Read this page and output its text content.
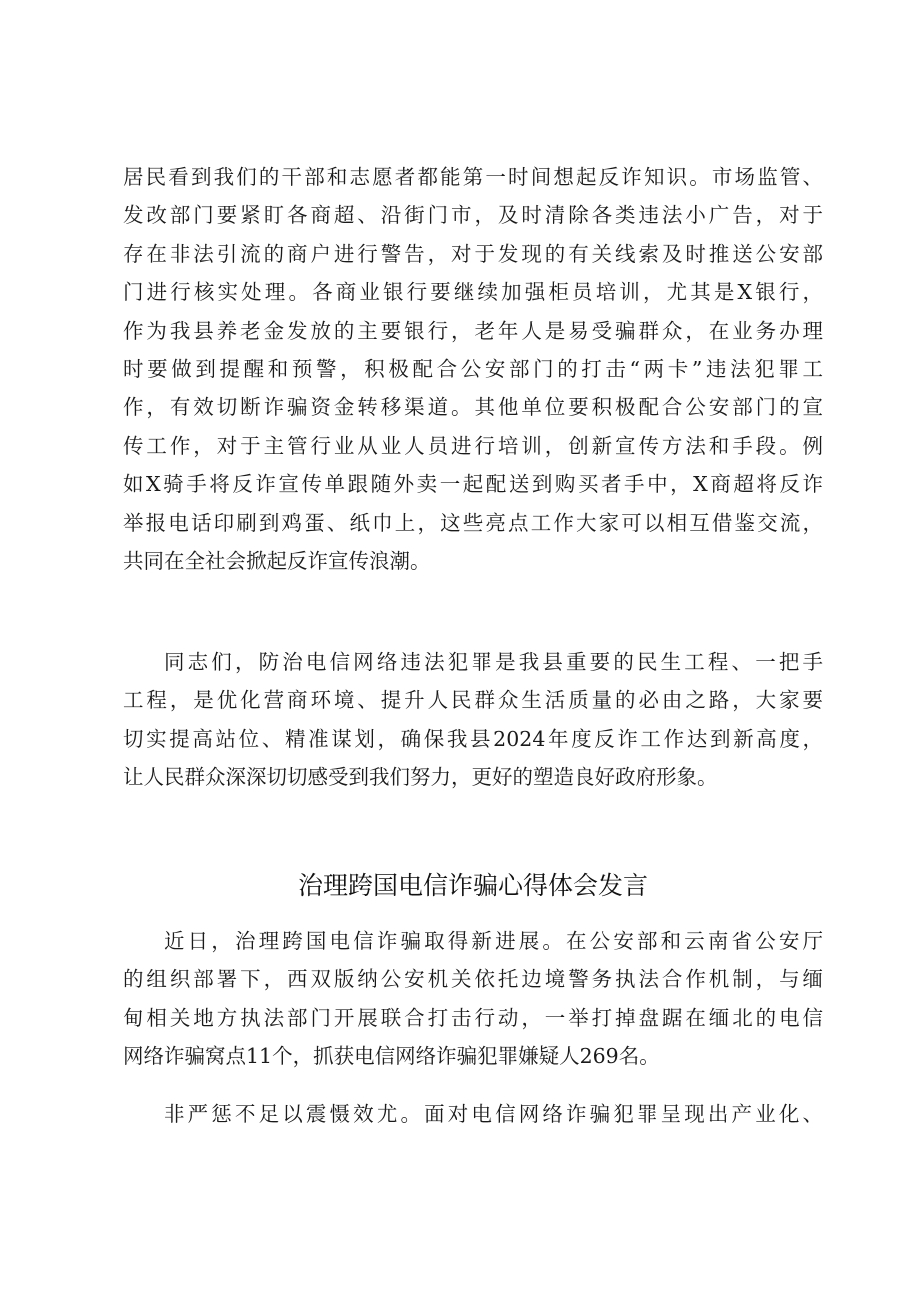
居民看到我们的干部和志愿者都能第一时间想起反诈知识。市场监管、
发改部门要紧盯各商超、沿街门市，及时清除各类违法小广告，对于
存在非法引流的商户进行警告，对于发现的有关线索及时推送公安部
门进行核实处理。各商业银行要继续加强柜员培训，尤其是X银行，
作为我县养老金发放的主要银行，老年人是易受骗群众，在业务办理
时要做到提醒和预警，积极配合公安部门的打击“两卡”违法犯罪工
作，有效切断诈骗资金转移渠道。其他单位要积极配合公安部门的宣
传工作，对于主管行业从业人员进行培训，创新宣传方法和手段。例
如X骑手将反诈宣传单跟随外卖一起配送到购买者手中，X商超将反诈
举报电话印刷到鸡蛋、纸巾上，这些亮点工作大家可以相互借鉴交流，
共同在全社会掀起反诈宣传浪潮。
同志们，防治电信网络违法犯罪是我县重要的民生工程、一把手
工程，是优化营商环境、提升人民群众生活质量的必由之路，大家要
切实提高站位、精准谋划，确保我县2024年度反诈工作达到新高度，
让人民群众深深切切感受到我们努力，更好的塑造良好政府形象。
治理跨国电信诈骗心得体会发言
近日，治理跨国电信诈骗取得新进展。在公安部和云南省公安厅
的组织部署下，西双版纳公安机关依托边境警务执法合作机制，与缅
甸相关地方执法部门开展联合打击行动，一举打掉盘踞在缅北的电信
网络诈骗窝点11个，抓获电信网络诈骗犯罪嫌疑人269名。
非严惩不足以震慑效尤。面对电信网络诈骗犯罪呈现出产业化、
